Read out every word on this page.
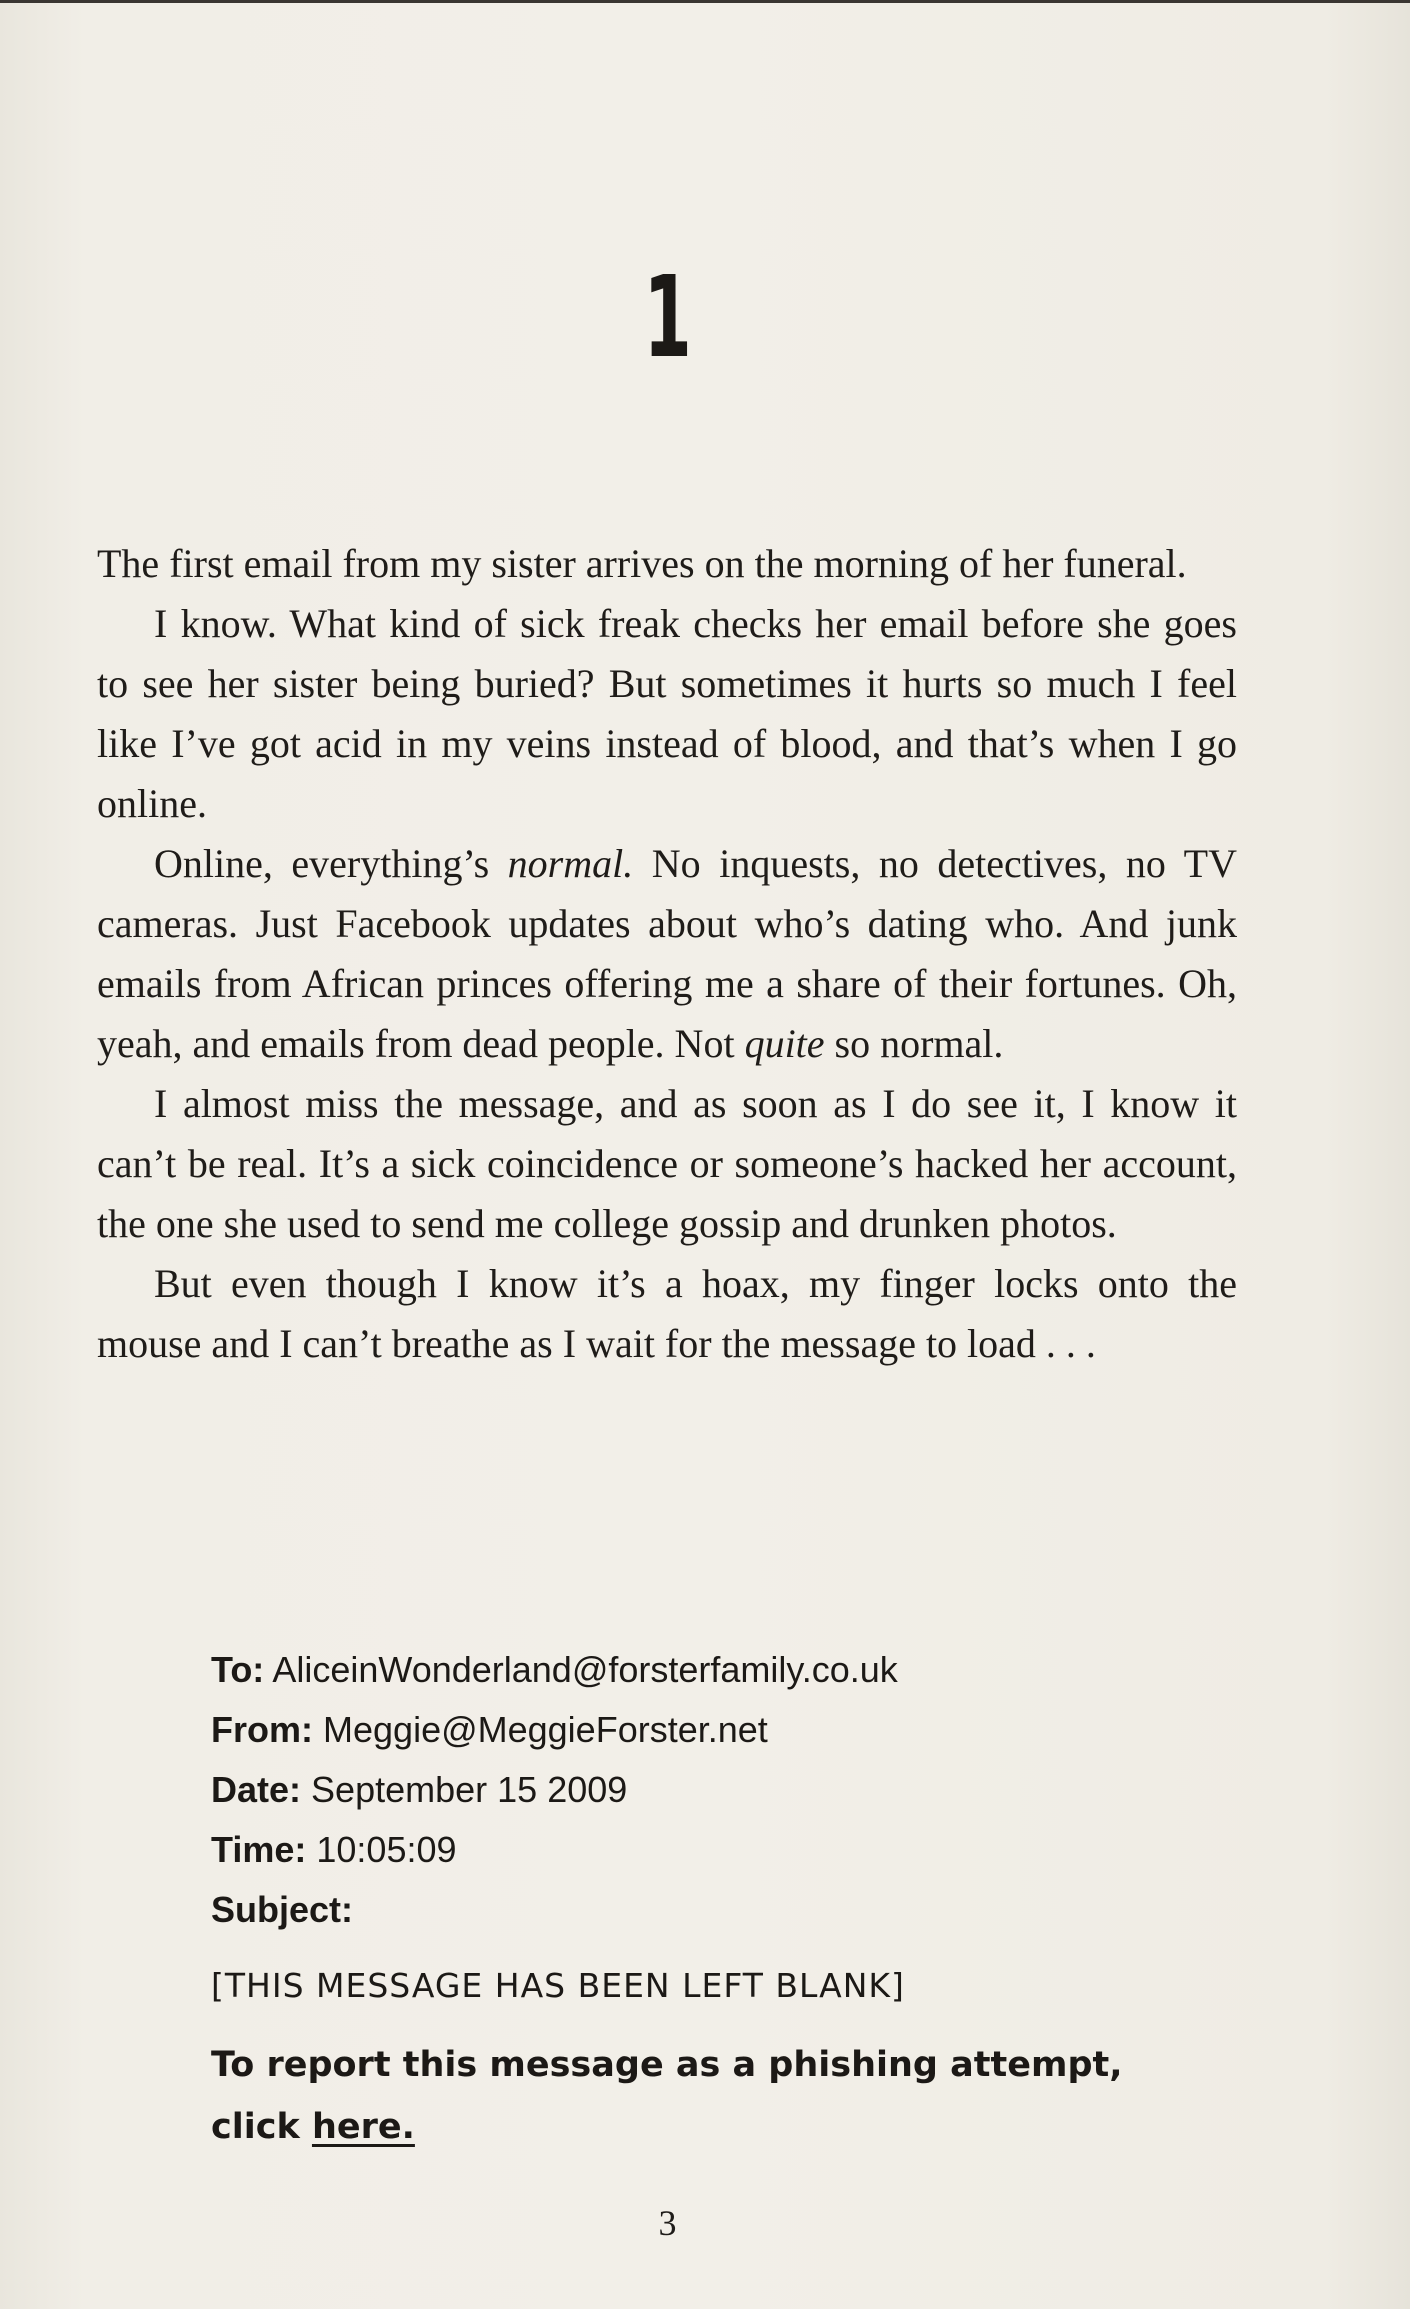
1

The first email from my sister arrives on the morning of her funeral.

I know. What kind of sick freak checks her email before she goes to see her sister being buried? But sometimes it hurts so much I feel like I’ve got acid in my veins instead of blood, and that’s when I go online.

Online, everything’s normal. No inquests, no detectives, no TV cameras. Just Facebook updates about who’s dating who. And junk emails from African princes offering me a share of their fortunes. Oh, yeah, and emails from dead people. Not quite so normal.

I almost miss the message, and as soon as I do see it, I know it can’t be real. It’s a sick coincidence or someone’s hacked her account, the one she used to send me college gossip and drunken photos.

But even though I know it’s a hoax, my finger locks onto the mouse and I can’t breathe as I wait for the message to load . . .

To: AliceinWonderland@forsterfamily.co.uk
From: Meggie@MeggieForster.net
Date: September 15 2009
Time: 10:05:09
Subject:
[THIS MESSAGE HAS BEEN LEFT BLANK]
To report this message as a phishing attempt, click here.
3
